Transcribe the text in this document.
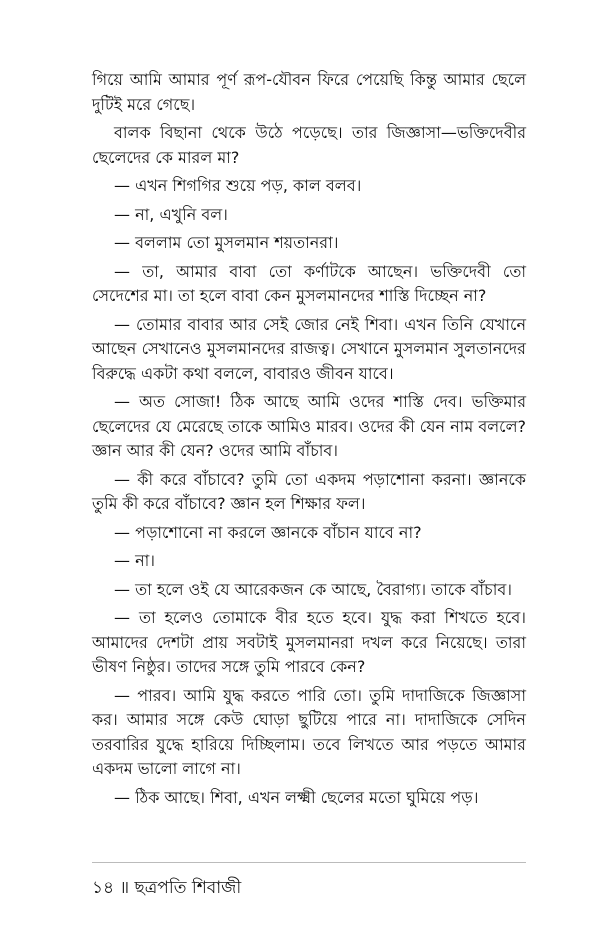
গিয়ে আমি আমার পূর্ণ রূপ-যৌবন ফিরে পেয়েছি কিন্তু আমার ছেলে দুটিই মরে গেছে।

বালক বিছানা থেকে উঠে পড়েছে। তার জিজ্ঞাসা—ভক্তিদেবীর ছেলেদের কে মারল মা?

— এখন শিগগির শুয়ে পড়, কাল বলব।

— না, এখুনি বল।

— বললাম তো মুসলমান শয়তানরা।

— তা, আমার বাবা তো কর্ণাটকে আছেন। ভক্তিদেবী তো সেদেশের মা। তা হলে বাবা কেন মুসলমানদের শাস্তি দিচ্ছেন না?

— তোমার বাবার আর সেই জোর নেই শিবা। এখন তিনি যেখানে আছেন সেখানেও মুসলমানদের রাজত্ব। সেখানে মুসলমান সুলতানদের বিরুদ্ধে একটা কথা বললে, বাবারও জীবন যাবে।

— অত সোজা! ঠিক আছে আমি ওদের শাস্তি দেব। ভক্তিমার ছেলেদের যে মেরেছে তাকে আমিও মারব। ওদের কী যেন নাম বললে? জ্ঞান আর কী যেন? ওদের আমি বাঁচাব।

— কী করে বাঁচাবে? তুমি তো একদম পড়াশোনা করনা। জ্ঞানকে তুমি কী করে বাঁচাবে? জ্ঞান হল শিক্ষার ফল।

— পড়াশোনো না করলে জ্ঞানকে বাঁচান যাবে না?

— না।

— তা হলে ওই যে আরেকজন কে আছে, বৈরাগ্য। তাকে বাঁচাব।

— তা হলেও তোমাকে বীর হতে হবে। যুদ্ধ করা শিখতে হবে। আমাদের দেশটা প্রায় সবটাই মুসলমানরা দখল করে নিয়েছে। তারা ভীষণ নিষ্ঠুর। তাদের সঙ্গে তুমি পারবে কেন?

— পারব। আমি যুদ্ধ করতে পারি তো। তুমি দাদাজিকে জিজ্ঞাসা কর। আমার সঙ্গে কেউ ঘোড়া ছুটিয়ে পারে না। দাদাজিকে সেদিন তরবারির যুদ্ধে হারিয়ে দিচ্ছিলাম। তবে লিখতে আর পড়তে আমার একদম ভালো লাগে না।

— ঠিক আছে। শিবা, এখন লক্ষ্মী ছেলের মতো ঘুমিয়ে পড়।

১৪ ॥ ছত্রপতি শিবাজী
